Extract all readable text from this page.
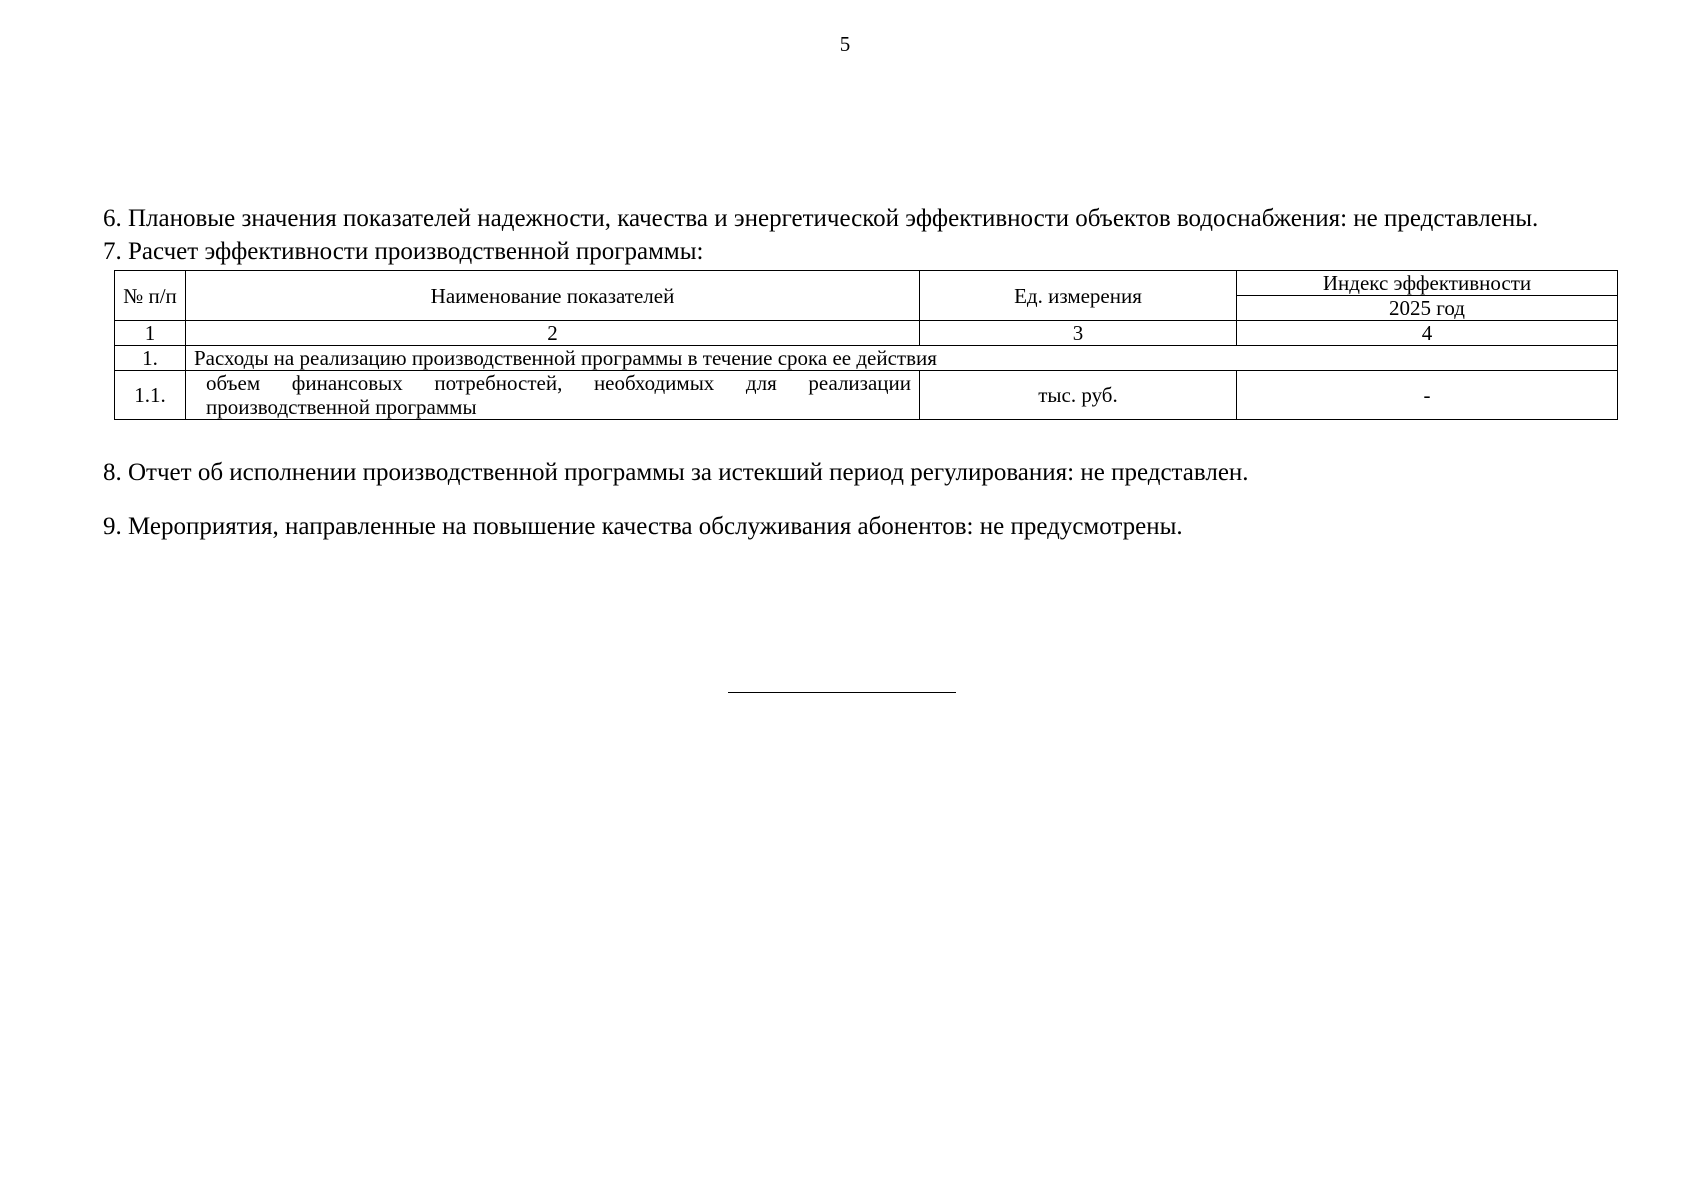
5

6. Плановые значения показателей надежности, качества и энергетической эффективности объектов водоснабжения: не представлены.

7. Расчет эффективности производственной программы:

№ п/п	Наименование показателей	Ед. измерения	Индекс эффективности
			2025 год
1	2	3	4
1.	Расходы на реализацию производственной программы в течение срока ее действия		
1.1.	объем финансовых потребностей, необходимых для реализации производственной программы	тыс. руб.	-

8. Отчет об исполнении производственной программы за истекший период регулирования: не представлен.

9. Мероприятия, направленные на повышение качества обслуживания абонентов: не предусмотрены.
